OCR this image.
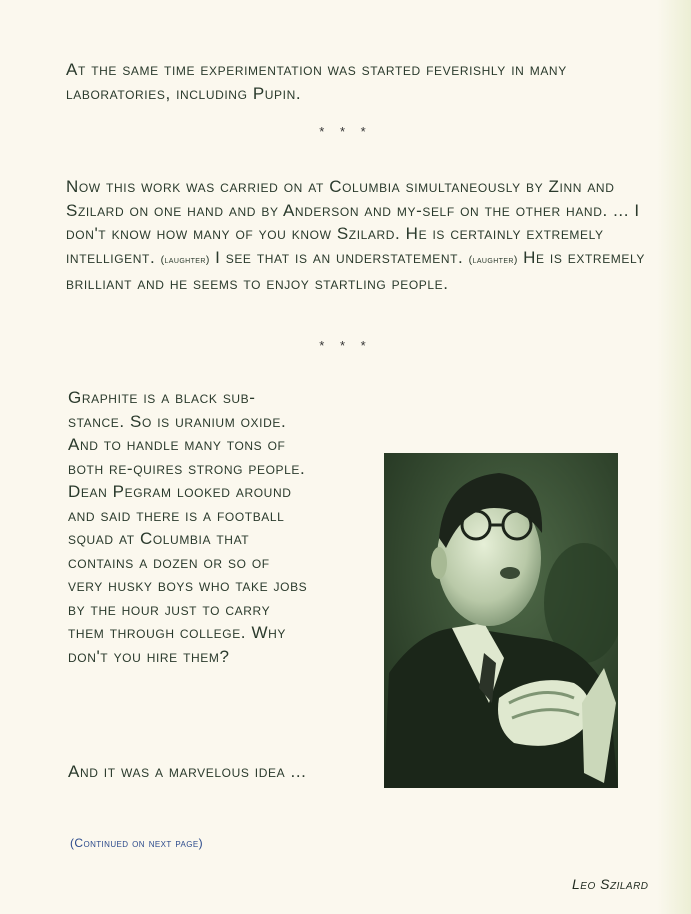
At the same time experimentation was started feverishly in many laboratories, including Pupin.

* * *

Now this work was carried on at Columbia simultaneously by Zinn and Szilard on one hand and by Anderson and my-self on the other hand. ... I don't know how many of you know Szilard. He is certainly extremely intelligent. (laughter) I see that is an understatement. (laughter) He is extremely brilliant and he seems to enjoy startling people.

* * *

Graphite is a black sub-stance. So is uranium oxide. And to handle many tons of both re-quires strong people. Dean Pegram looked around and said there is a football squad at Columbia that contains a dozen or so of very husky boys who take jobs by the hour just to carry them through college. Why don't you hire them?

And it was a marvelous idea ...

(Continued on next page)
Leo Szilard
